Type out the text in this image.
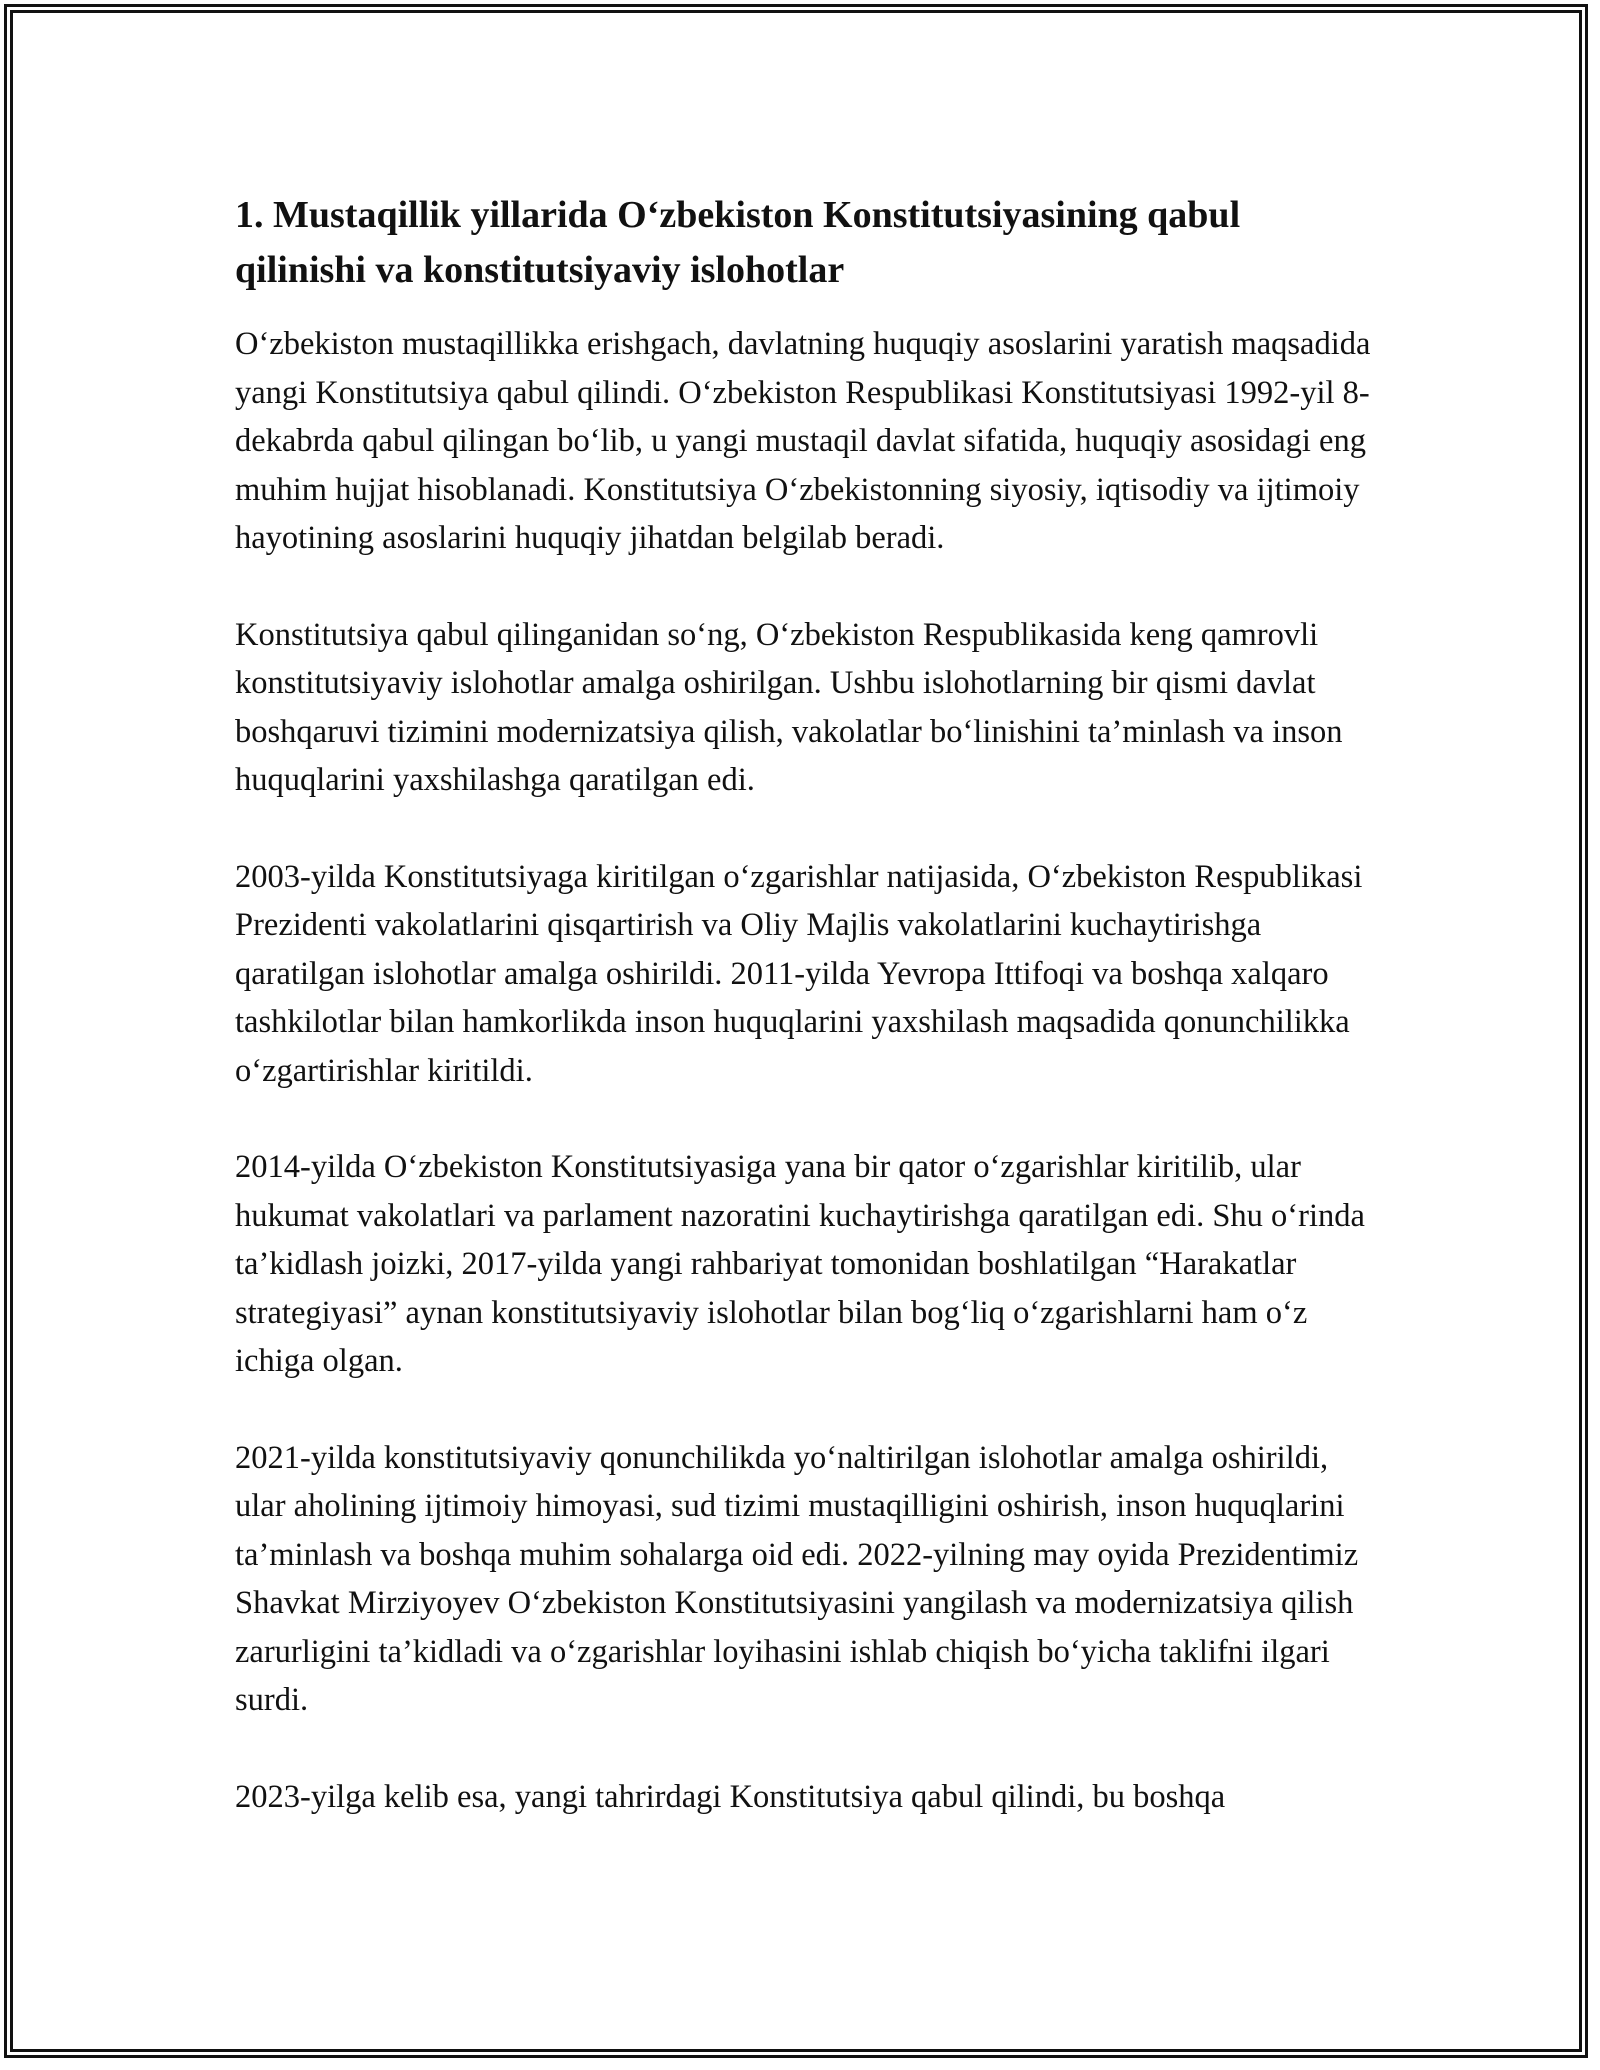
1. Mustaqillik yillarida O‘zbekiston Konstitutsiyasining qabul qilinishi va konstitutsiyaviy islohotlar

O‘zbekiston mustaqillikka erishgach, davlatning huquqiy asoslarini yaratish maqsadida yangi Konstitutsiya qabul qilindi. O‘zbekiston Respublikasi Konstitutsiyasi 1992-yil 8-dekabrda qabul qilingan bo‘lib, u yangi mustaqil davlat sifatida, huquqiy asosidagi eng muhim hujjat hisoblanadi. Konstitutsiya O‘zbekistonning siyosiy, iqtisodiy va ijtimoiy hayotining asoslarini huquqiy jihatdan belgilab beradi.

Konstitutsiya qabul qilinganidan so‘ng, O‘zbekiston Respublikasida keng qamrovli konstitutsiyaviy islohotlar amalga oshirilgan. Ushbu islohotlarning bir qismi davlat boshqaruvi tizimini modernizatsiya qilish, vakolatlar bo‘linishini ta’minlash va inson huquqlarini yaxshilashga qaratilgan edi.

2003-yilda Konstitutsiyaga kiritilgan o‘zgarishlar natijasida, O‘zbekiston Respublikasi Prezidenti vakolatlarini qisqartirish va Oliy Majlis vakolatlarini kuchaytirishga qaratilgan islohotlar amalga oshirildi. 2011-yilda Yevropa Ittifoqi va boshqa xalqaro tashkilotlar bilan hamkorlikda inson huquqlarini yaxshilash maqsadida qonunchilikka o‘zgartirishlar kiritildi.

2014-yilda O‘zbekiston Konstitutsiyasiga yana bir qator o‘zgarishlar kiritilib, ular hukumat vakolatlari va parlament nazoratini kuchaytirishga qaratilgan edi. Shu o‘rinda ta’kidlash joizki, 2017-yilda yangi rahbariyat tomonidan boshlatilgan “Harakatlar strategiyasi” aynan konstitutsiyaviy islohotlar bilan bog‘liq o‘zgarishlarni ham o‘z ichiga olgan.

2021-yilda konstitutsiyaviy qonunchilikda yo‘naltirilgan islohotlar amalga oshirildi, ular aholining ijtimoiy himoyasi, sud tizimi mustaqilligini oshirish, inson huquqlarini ta’minlash va boshqa muhim sohalarga oid edi. 2022-yilning may oyida Prezidentimiz Shavkat Mirziyoyev O‘zbekiston Konstitutsiyasini yangilash va modernizatsiya qilish zarurligini ta’kidladi va o‘zgarishlar loyihasini ishlab chiqish bo‘yicha taklifni ilgari surdi.

2023-yilga kelib esa, yangi tahrirdagi Konstitutsiya qabul qilindi, bu boshqa
